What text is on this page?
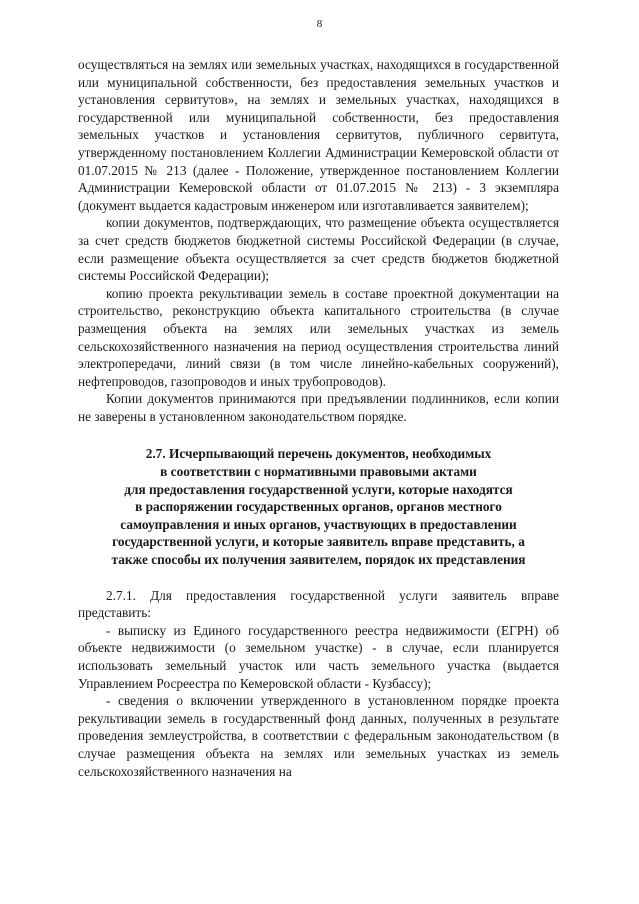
8

осуществляться на землях или земельных участках, находящихся в государственной или муниципальной собственности, без предоставления земельных участков и установления сервитутов», на землях и земельных участках, находящихся в государственной или муниципальной собственности, без предоставления земельных участков и установления сервитутов, публичного сервитута, утвержденному постановлением Коллегии Администрации Кемеровской области от 01.07.2015 № 213 (далее - Положение, утвержденное постановлением Коллегии Администрации Кемеровской области от 01.07.2015 № 213) - 3 экземпляра (документ выдается кадастровым инженером или изготавливается заявителем);

копии документов, подтверждающих, что размещение объекта осуществляется за счет средств бюджетов бюджетной системы Российской Федерации (в случае, если размещение объекта осуществляется за счет средств бюджетов бюджетной системы Российской Федерации);

копию проекта рекультивации земель в составе проектной документации на строительство, реконструкцию объекта капитального строительства (в случае размещения объекта на землях или земельных участках из земель сельскохозяйственного назначения на период осуществления строительства линий электропередачи, линий связи (в том числе линейно-кабельных сооружений), нефтепроводов, газопроводов и иных трубопроводов).

Копии документов принимаются при предъявлении подлинников, если копии не заверены в установленном законодательством порядке.

2.7. Исчерпывающий перечень документов, необходимых
в соответствии с нормативными правовыми актами
для предоставления государственной услуги, которые находятся
в распоряжении государственных органов, органов местного
самоуправления и иных органов, участвующих в предоставлении
государственной услуги, и которые заявитель вправе представить, а
также способы их получения заявителем, порядок их представления

2.7.1. Для предоставления государственной услуги заявитель вправе представить:

- выписку из Единого государственного реестра недвижимости (ЕГРН) об объекте недвижимости (о земельном участке) - в случае, если планируется использовать земельный участок или часть земельного участка (выдается Управлением Росреестра по Кемеровской области - Кузбассу);

- сведения о включении утвержденного в установленном порядке проекта рекультивации земель в государственный фонд данных, полученных в результате проведения землеустройства, в соответствии с федеральным законодательством (в случае размещения объекта на землях или земельных участках из земель сельскохозяйственного назначения на
